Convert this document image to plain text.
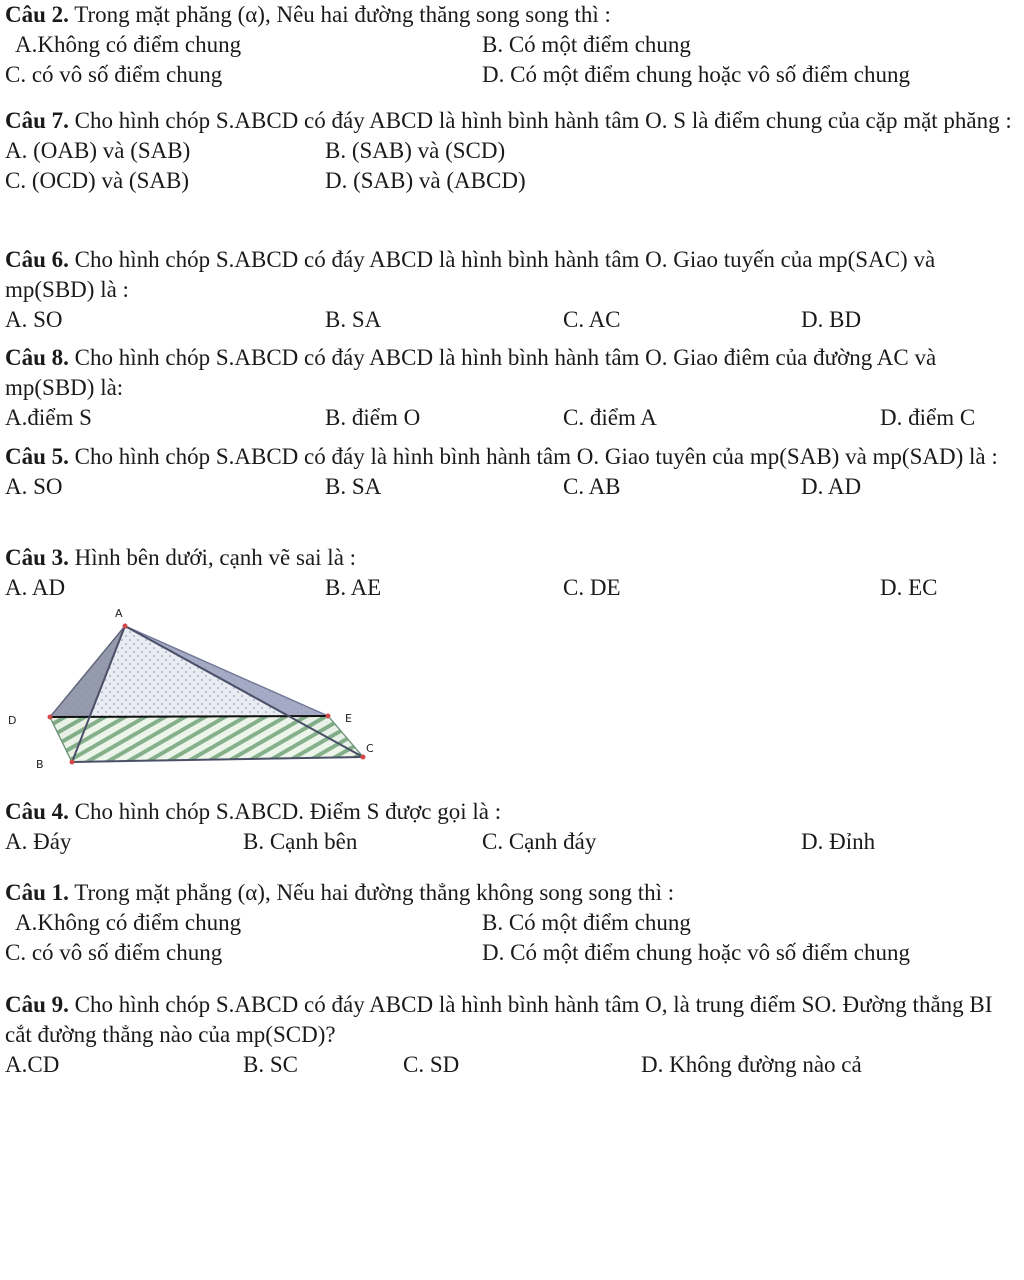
Câu 2. Trong mặt phăng (α), Nêu hai đường thăng song song thì :
A.Không có điểm chung	B. Có một điểm chung
C. có vô số điểm chung	D. Có một điểm chung hoặc vô số điểm chung
Câu 7. Cho hình chóp S.ABCD có đáy ABCD là hình bình hành tâm O. S là điểm chung của cặp mặt phăng :
A. (OAB) và (SAB)	B. (SAB) và (SCD)
C. (OCD) và (SAB)	D. (SAB) và (ABCD)
Câu 6. Cho hình chóp S.ABCD có đáy ABCD là hình bình hành tâm O. Giao tuyến của mp(SAC) và mp(SBD) là :
A. SO	B. SA	C. AC	D. BD
Câu 8. Cho hình chóp S.ABCD có đáy ABCD là hình bình hành tâm O. Giao điêm của đường AC và mp(SBD) là:
A.điểm S	B. điểm O	C. điểm A	D. điểm C
Câu 5. Cho hình chóp S.ABCD có đáy là hình bình hành tâm O. Giao tuyên của mp(SAB) và mp(SAD) là :
A. SO	B. SA	C. AB	D. AD
Câu 3. Hình bên dưới, cạnh vẽ sai là :
A. AD	B. AE	C. DE	D. EC
A
D	E
C
B
Câu 4. Cho hình chóp S.ABCD. Điểm S được gọi là :
A. Đáy	B. Cạnh bên	C. Cạnh đáy	D. Đỉnh
Câu 1. Trong mặt phẳng (α), Nếu hai đường thẳng không song song thì :
A.Không có điểm chung	B. Có một điểm chung
C. có vô số điểm chung	D. Có một điểm chung hoặc vô số điểm chung
Câu 9. Cho hình chóp S.ABCD có đáy ABCD là hình bình hành tâm O, là trung điểm SO. Đường thẳng BI cắt đường thẳng nào của mp(SCD)?
A.CD	B. SC	C. SD	D. Không đường nào cả
